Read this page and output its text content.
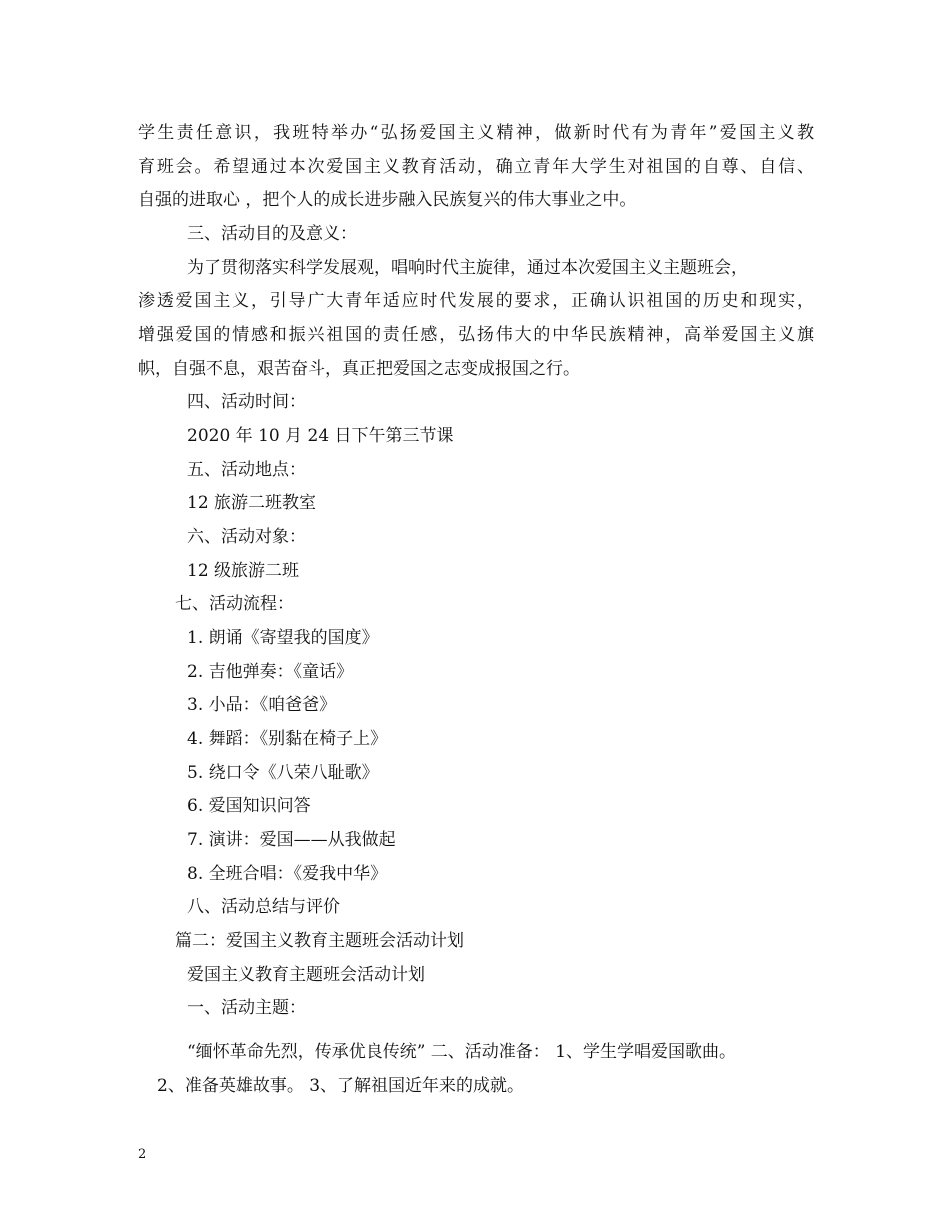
学生责任意识，我班特举办“弘扬爱国主义精神，做新时代有为青年”爱国主义教
育班会。希望通过本次爱国主义教育活动，确立青年大学生对祖国的自尊、自信、
自强的进取心 ，把个人的成长进步融入民族复兴的伟大事业之中。
三、活动目的及意义：
为了贯彻落实科学发展观，唱响时代主旋律，通过本次爱国主义主题班会，
渗透爱国主义，引导广大青年适应时代发展的要求，正确认识祖国的历史和现实，
增强爱国的情感和振兴祖国的责任感，弘扬伟大的中华民族精神，高举爱国主义旗
帜，自强不息，艰苦奋斗，真正把爱国之志变成报国之行。
四、活动时间：
2020 年 10 月 24 日下午第三节课
五、活动地点：
12 旅游二班教室
六、活动对象：
12 级旅游二班
七、活动流程：
1. 朗诵《寄望我的国度》
2. 吉他弹奏：《童话》
3. 小品：《咱爸爸》
4. 舞蹈：《别黏在椅子上》
5. 绕口令《八荣八耻歌》
6. 爱国知识问答
7. 演讲：爱国——从我做起
8. 全班合唱：《爱我中华》
八、活动总结与评价
篇二：爱国主义教育主题班会活动计划
爱国主义教育主题班会活动计划
一、活动主题：
“缅怀革命先烈，传承优良传统” 二、活动准备： 1、学生学唱爱国歌曲。
2、准备英雄故事。 3、了解祖国近年来的成就。
2
